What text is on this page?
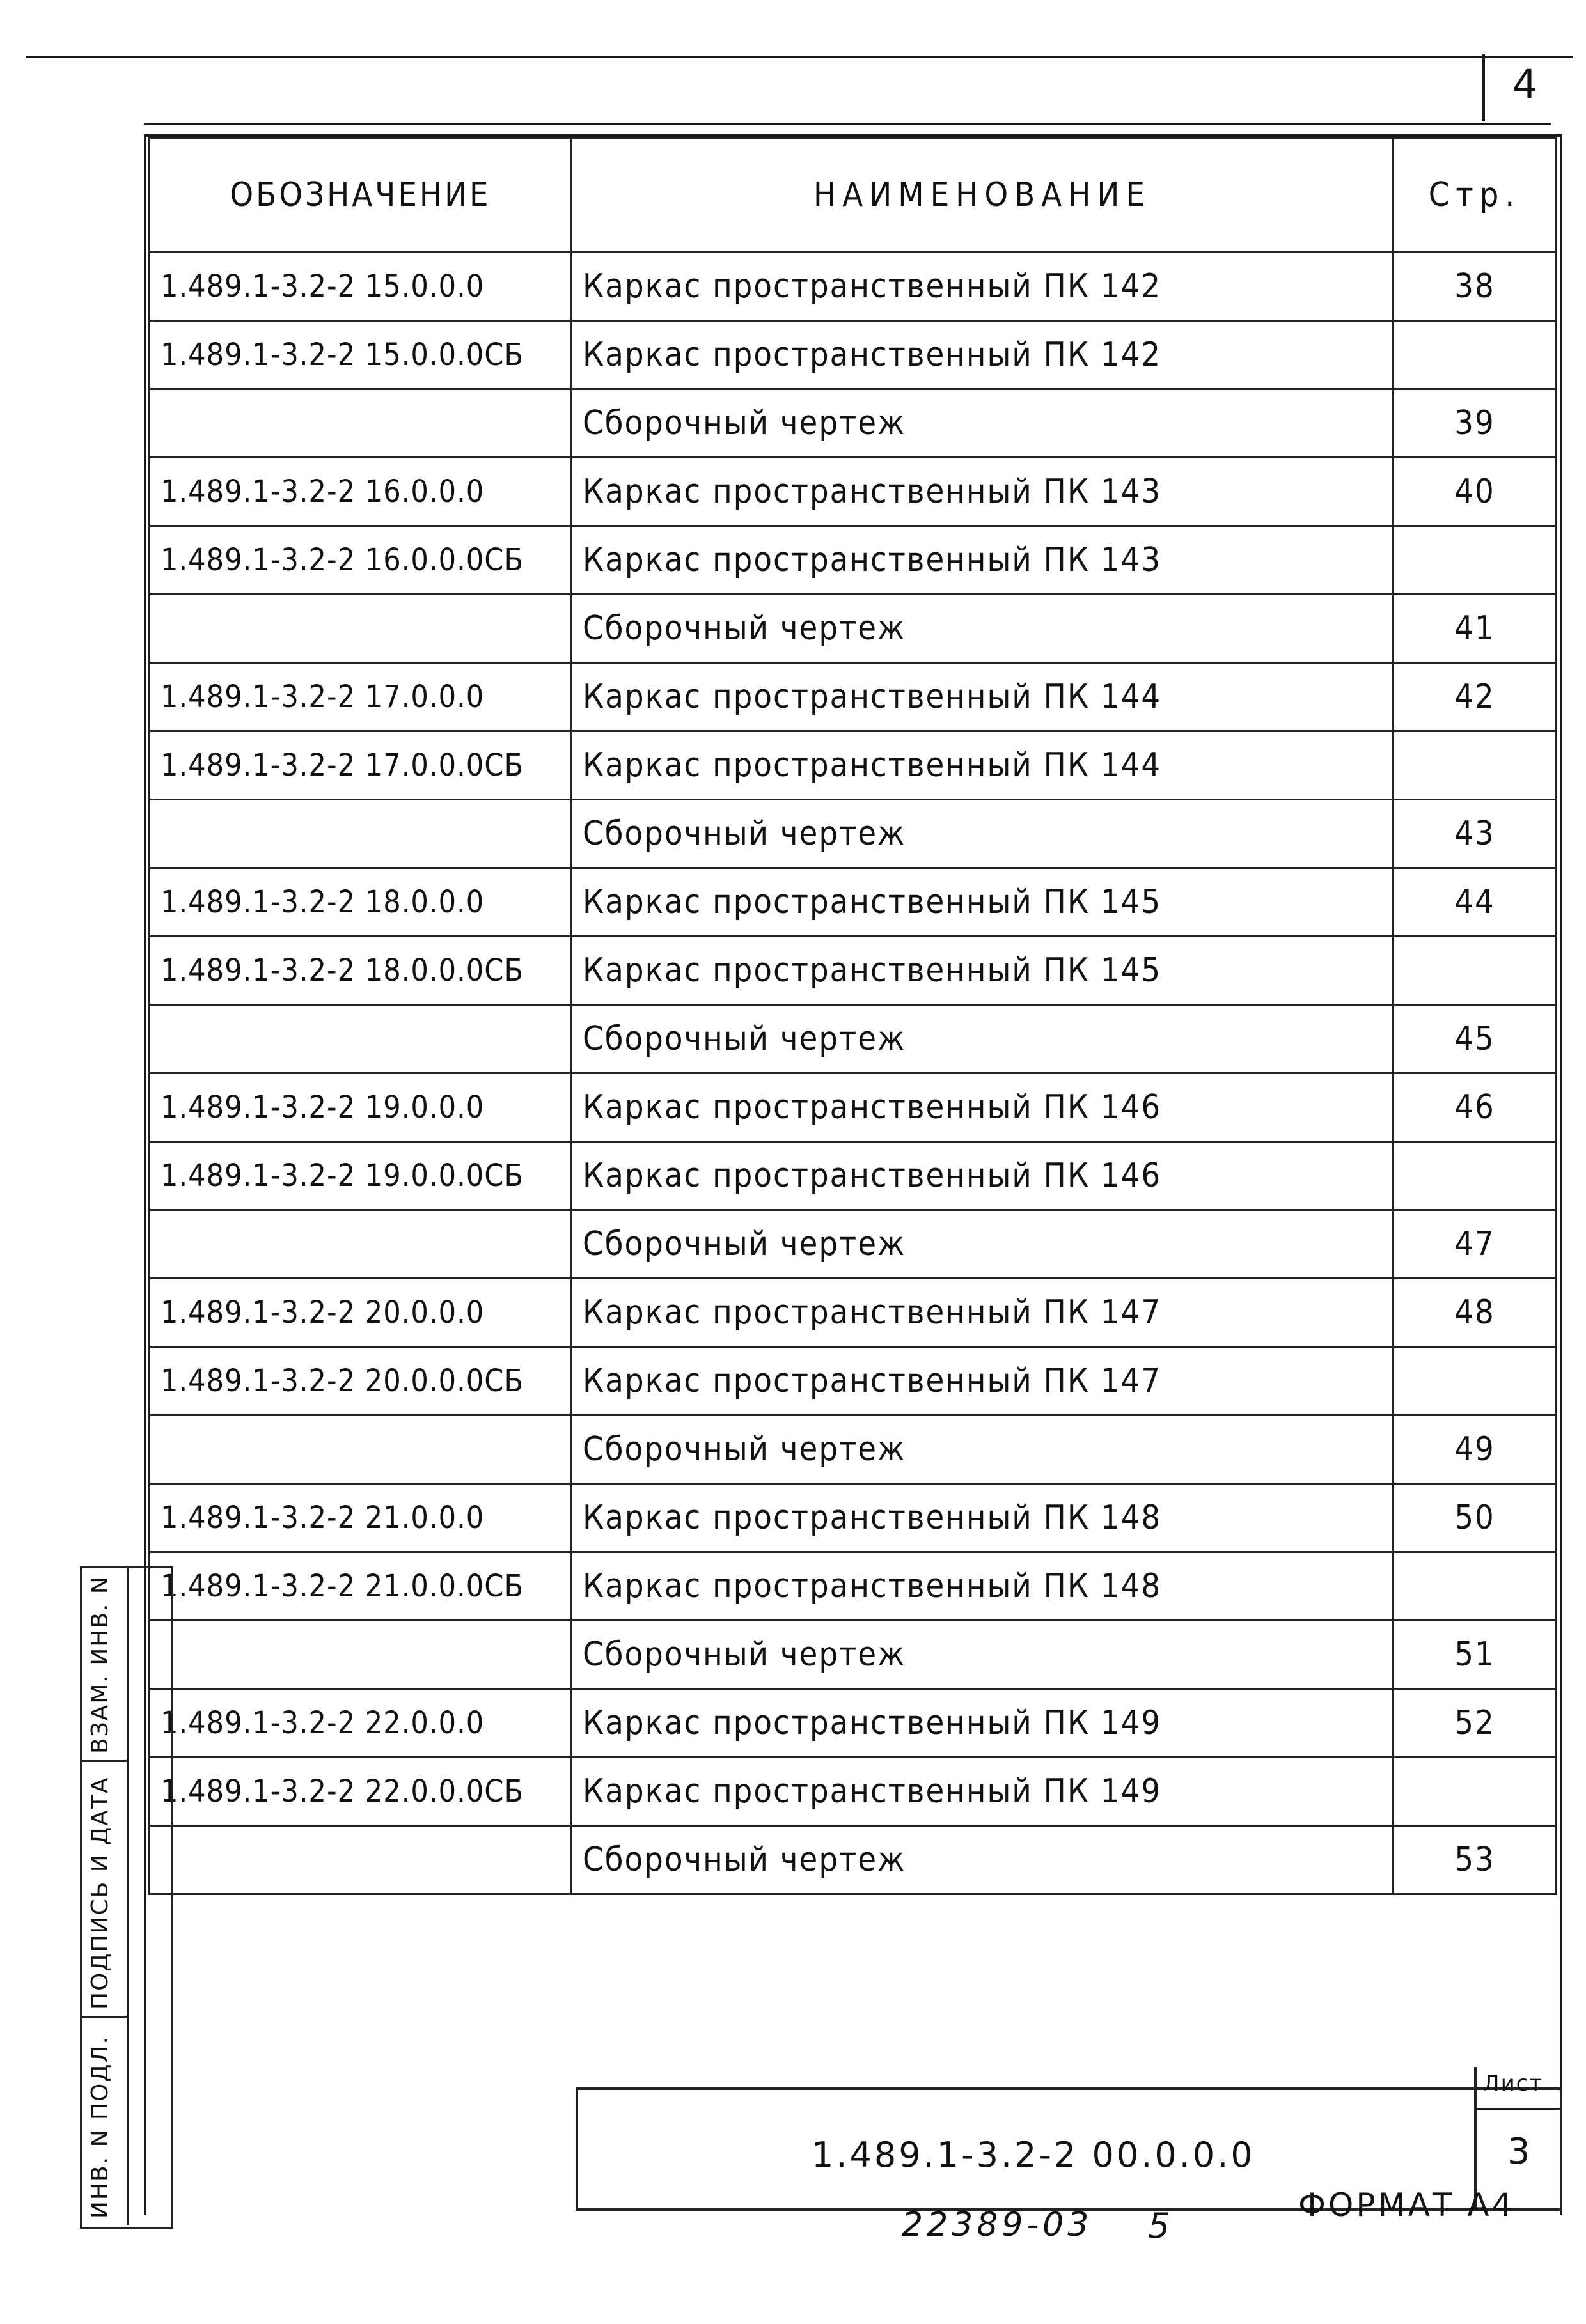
4
ОБОЗНАЧЕНИЕ	НАИМЕНОВАНИЕ	Стр.
1.489.1-3.2-2 15.0.0.0	Каркас пространственный ПК 142	38
1.489.1-3.2-2 15.0.0.0СБ	Каркас пространственный ПК 142	
	Сборочный чертеж	39
1.489.1-3.2-2 16.0.0.0	Каркас пространственный ПК 143	40
1.489.1-3.2-2 16.0.0.0СБ	Каркас пространственный ПК 143	
	Сборочный чертеж	41
1.489.1-3.2-2 17.0.0.0	Каркас пространственный ПК 144	42
1.489.1-3.2-2 17.0.0.0СБ	Каркас пространственный ПК 144	
	Сборочный чертеж	43
1.489.1-3.2-2 18.0.0.0	Каркас пространственный ПК 145	44
1.489.1-3.2-2 18.0.0.0СБ	Каркас пространственный ПК 145	
	Сборочный чертеж	45
1.489.1-3.2-2 19.0.0.0	Каркас пространственный ПК 146	46
1.489.1-3.2-2 19.0.0.0СБ	Каркас пространственный ПК 146	
	Сборочный чертеж	47
1.489.1-3.2-2 20.0.0.0	Каркас пространственный ПК 147	48
1.489.1-3.2-2 20.0.0.0СБ	Каркас пространственный ПК 147	
	Сборочный чертеж	49
1.489.1-3.2-2 21.0.0.0	Каркас пространственный ПК 148	50
1.489.1-3.2-2 21.0.0.0СБ	Каркас пространственный ПК 148	
	Сборочный чертеж	51
1.489.1-3.2-2 22.0.0.0	Каркас пространственный ПК 149	52
1.489.1-3.2-2 22.0.0.0СБ	Каркас пространственный ПК 149	
	Сборочный чертеж	53
ВЗАМ. ИНВ. N
ПОДПИСЬ И ДАТА
ИНВ. N ПОДЛ.	1.489.1-3.2-2 00.0.0.0
Лист
3
22389-03 5
ФОРМАТ А4
